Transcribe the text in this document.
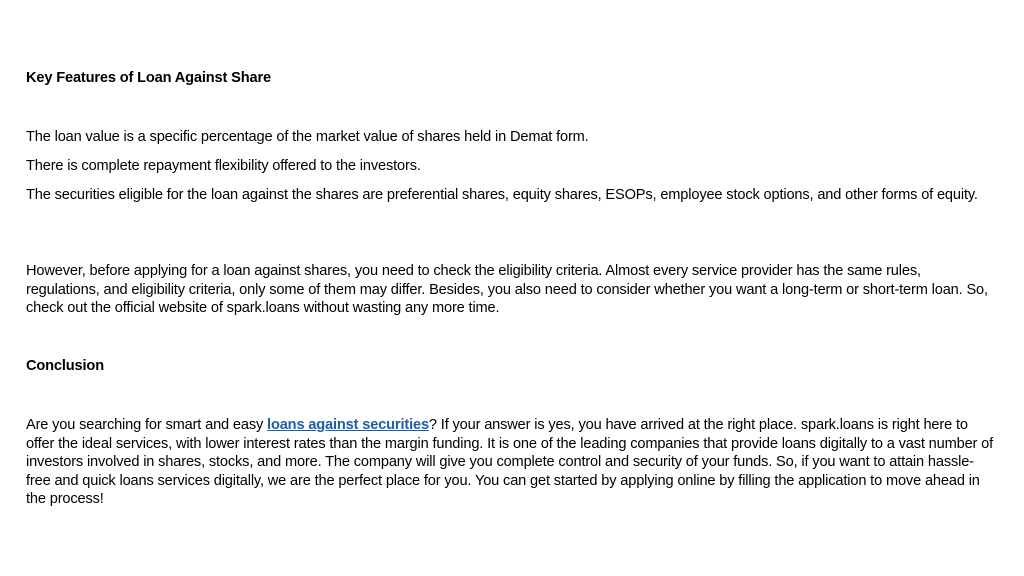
Key Features of Loan Against Share

The loan value is a specific percentage of the market value of shares held in Demat form.

There is complete repayment flexibility offered to the investors.

The securities eligible for the loan against the shares are preferential shares, equity shares, ESOPs, employee stock options, and other forms of equity.

However, before applying for a loan against shares, you need to check the eligibility criteria. Almost every service provider has the same rules, regulations, and eligibility criteria, only some of them may differ. Besides, you also need to consider whether you want a long-term or short-term loan. So, check out the official website of spark.loans without wasting any more time.

Conclusion

Are you searching for smart and easy loans against securities? If your answer is yes, you have arrived at the right place. spark.loans is right here to offer the ideal services, with lower interest rates than the margin funding. It is one of the leading companies that provide loans digitally to a vast number of investors involved in shares, stocks, and more. The company will give you complete control and security of your funds. So, if you want to attain hassle-free and quick loans services digitally, we are the perfect place for you. You can get started by applying online by filling the application to move ahead in the process!
